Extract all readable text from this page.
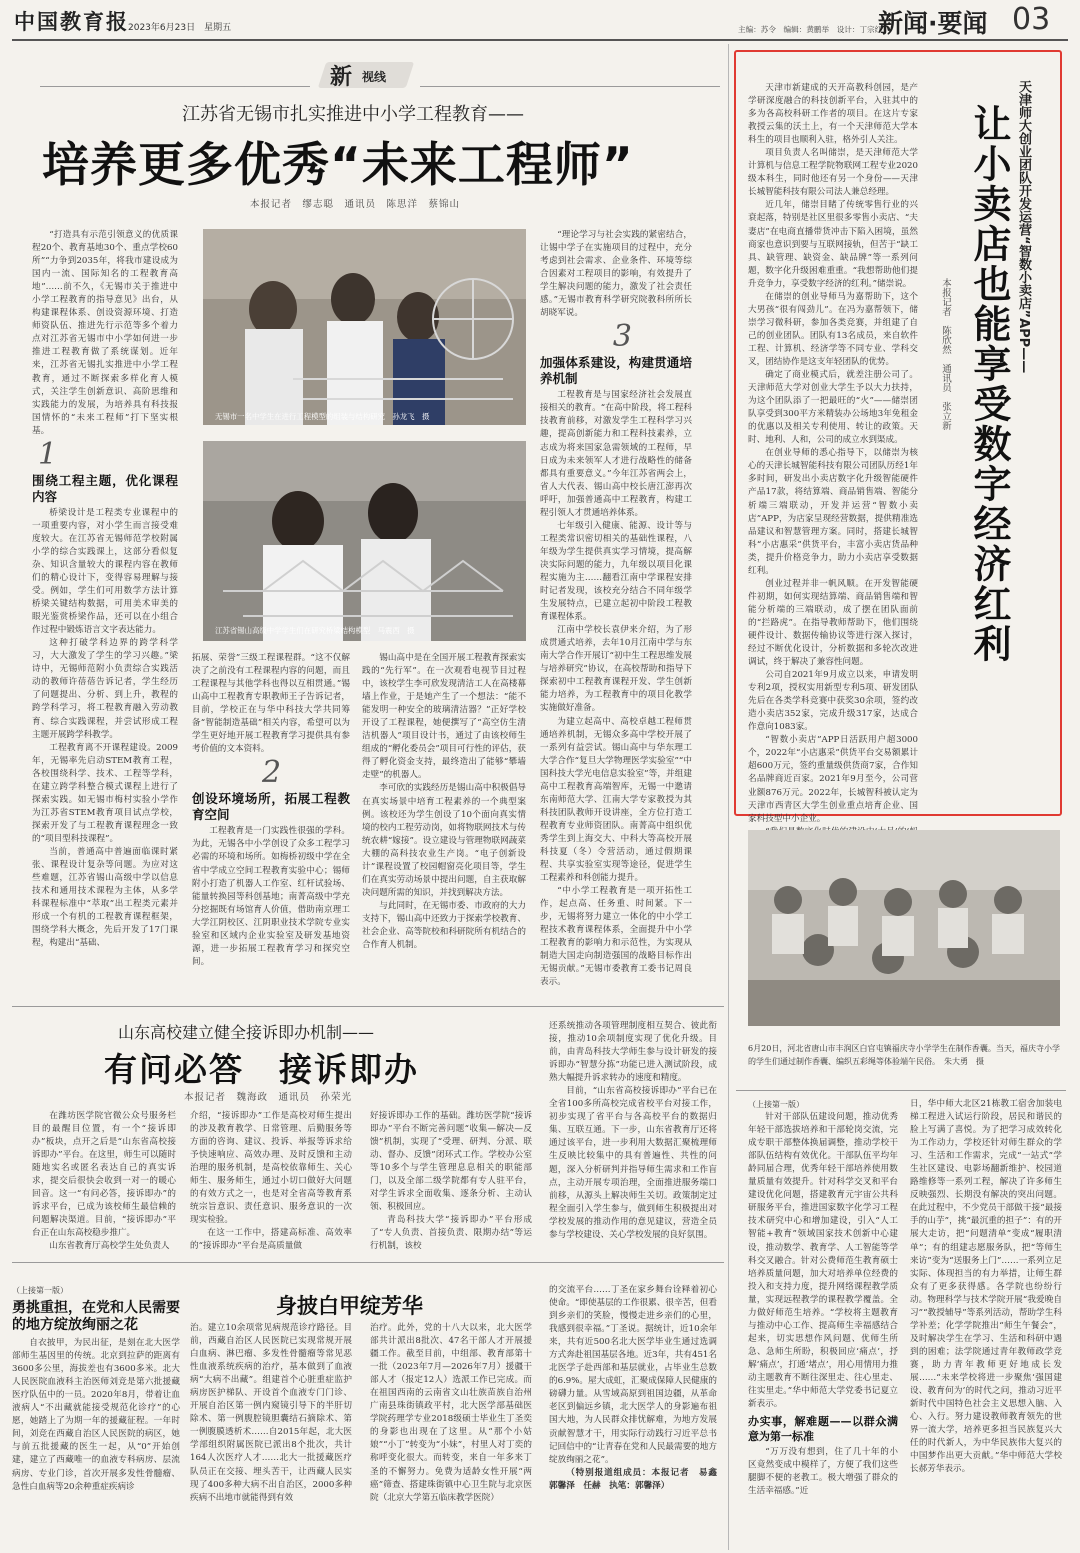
中国教育报 2023年6月23日　星期五	主编：苏令　编辑：黄鹏举　设计：丁宗红
新闻·要闻 03
新 视线
江苏省无锡市扎实推进中小学工程教育——
培养更多优秀“未来工程师”
本报记者　缪志聪　通讯员　陈思洋　蔡锦山

“打造具有示范引领意义的优质课程20个、教育基地30个、重点学校60所”“力争到2035年，将我市建设成为国内一流、国际知名的工程教育高地”……前不久，《无锡市关于推进中小学工程教育的指导意见》出台，从构建课程体系、创设资源环境、打造师资队伍、推进先行示范等多个着力点对江苏省无锡市中小学如何进一步推进工程教育做了系统谋划。近年来，江苏省无锡扎实推进中小学工程教育，通过不断探索多样化育人模式，关注学生创新意识、高阶思维和实践能力的发展，为培养具有科技报国情怀的“未来工程师”打下坚实根基。

1
围绕工程主题，优化课程内容

桥梁设计是工程类专业课程中的一项重要内容，对小学生而言接受难度较大。在江苏省无锡师范学校附属小学的综合实践课上，这部分看似复杂、知识含量较大的课程内容在教师们的精心设计下，变得容易理解与接受。例如，学生们可用数学方法计算桥梁关键结构数据，可用美术审美的眼光鉴赏桥梁作品，还可以在小组合作过程中锻炼语言文字表达能力。

这种打破学科边界的跨学科学习，大大激发了学生的学习兴趣。”梁诗中，无锡师范附小负责综合实践活动的教师许蓓蓓告诉记者，学生经历了问题提出、分析、到上升，教程的跨学科学习，将工程教育融入劳动教育、综合实践课程，并尝试形成工程主题开展跨学科教学。

工程教育离不开课程建设。2009年，无锡率先启动STEM教育工程，各校围绕科学、技术、工程等学科，在建立跨学科整合模式课程上进行了探索实践。如无锡市梅村实验小学作为江苏省STEM教育项目试点学校，探索开发了与工程教育课程理念一致的“项目型科技课程”。

当前，普通高中普遍面临课时紧张、课程设计复杂等问题。为应对这些难题，江苏省锡山高级中学以信息技术和通用技术课程为主体，从多学科课程标准中“萃取”出工程类元素并形成一个有机的工程教育课程框架，围绕学科大概念，先后开发了17门课程，构建出“基础、

无锡市一名中学生在进行工程模型的组装与结构研究　孙龙飞　摄
江苏省锡山高级中学学生们在研究桥梁结构模型　马震西　摄

“理论学习与社会实践的紧密结合，让锡中学子在实施项目的过程中，充分考虑到社会需求、企业条件、环境等综合因素对工程项目的影响，有效提升了学生解决问题的能力，激发了社会责任感。”无锡市教育科学研究院教科所所长胡晓军说。

3
加强体系建设，构建贯通培养机制

工程教育是与国家经济社会发展直接相关的教育。“在高中阶段，将工程科技教育前移，对激发学生工程科学习兴趣，提高创新能力和工程科技素养，立志成为将来国家急需领域的工程师，早日成为未来领军人才进行战略性的储备都具有重要意义。”今年江苏省两会上，省人大代表、锡山高中校长唐江澎再次呼吁，加强普通高中工程教育，构建工程引领人才贯通培养体系。

七年级引入健康、能源、设计等与工程类常识密切相关的基础性课程，八年级为学生提供真实学习情境，提高解决实际问题的能力，九年级以项目化课程实施为主……翻看江南中学课程安排时记者发现，该校充分结合不同年级学生发展特点，已建立起初中阶段工程教育课程体系。

江南中学校长袁伊来介绍，为了形成贯通式培养，去年10月江南中学与东南大学合作开展订“初中生工程思维发展与培养研究”协议，在高校帮助和指导下探索初中工程教育课程开发、学生创新能力培养，为工程教育中的项目化教学实施做好准备。

为建立起高中、高校卓越工程师贯通培养机制，无锡众多高中学校开展了一系列有益尝试。锡山高中与华东理工大学合作“复旦大学物理医学实验室”“中国科技大学光电信息实验室”等，并组建高中工程教育高端智库，无锡一中邀请东南师范大学、江南大学专家教授为其科技团队教师开设讲座，全方位打造工程教育专业师资团队。南菁高中组织优秀学生到上海交大、中科大等高校开展科技夏（冬）令营活动，通过假期课程、共享实验室实现等途径，促进学生工程素养和科创能力提升。

“中小学工程教育是一项开拓性工作，起点高、任务重、时间紧。下一步，无锡将努力建立一体化的中小学工程技术教育课程体系，全面提升中小学工程教育的影响力和示范性，为实现从制造大国走向制造强国的战略目标作出无锡贡献。”无锡市委教育工委书记周良表示。

拓展、荣誉”三级工程课程群。“这不仅解决了之前没有工程课程内容的问题，而且工程课程与其他学科也得以互相贯通。”锡山高中工程教育专职教师王子告诉记者，目前，学校正在与华中科技大学共同筹备“智能制造基础”相关内容，希望可以为学生更好地开展工程教育学习提供具有参考价值的文本资料。

2
创设环境场所，拓展工程教育空间

工程教育是一门实践性很强的学科。为此，无锡各中小学创设了众多工程学习必需的环境和场所。如梅桥初级中学在全省中学成立空间工程教育实验中心；锡师附小打造了机器人工作室、红杆试验场、能量转换园等科创基地；南菁高级中学充分挖掘既有场馆育人价值，借助南京理工大学江阴校区、江阴职业技术学院专业实验室和区域内企业实验室及研发基地资源，进一步拓展工程教育学习和探究空间。

锡山高中是在全国开展工程教育探索实践的“先行军”。在一次观看电视节目过程中，该校学生李可欣发现清洁工人在高楼幕墙上作业，于是她产生了一个想法：“能不能发明一种安全的玻璃清洁器？”正好学校开设了工程课程，她便撰写了“高空仿生清洁机器人”项目设计书，通过了由该校师生组成的“孵化委员会”项目可行性的评估，获得了孵化资金支持，最终造出了能够“攀墙走壁”的机器人。

李可欣的实践经历是锡山高中积极倡导在真实场景中培育工程素养的一个典型案例。该校还为学生创设了10个面向真实情境的校内工程劳动岗，如将物联网技术与传统农耕“嫁接”。设立建设与管理物联网蔬菜大棚的高科技农业生产岗。“电子创新设计”课程设置了校园帽窗亮化项目等，学生们在真实劳动场景中提出问题，自主获取解决问题所需的知识，并找到解决方法。

与此同时，在无锡市委、市政府的大力支持下，锡山高中还致力于探索学校教育、社会企业、高等院校和科研院所有机结合的合作育人机制。

天津市新建成的天开高教科创园，是产学研深度融合的科技创新平台，入驻其中的多为各高校科研工作者的项目。在这片专家教授云集的沃土上，有一个天津师范大学本科生的项目也顺利入驻，格外引人关注。

项目负责人名叫储崇，是天津师范大学计算机与信息工程学院物联网工程专业2020级本科生，同时他还有另一个身份——天津长城智能科技有限公司法人兼总经理。

近几年，储崇目睹了传统零售行业的兴衰起落，特别是社区里很多零售小卖店、“夫妻店”在电商直播带货冲击下陷入困境，虽然商家也意识到要与互联网接轨，但苦于“缺工具、缺管理、缺资金、缺品牌”等一系列问题，数字化升级困难重重。“我想帮助他们提升竞争力，享受数字经济的红利。”储崇说。

在储崇的创业导师马为嘉帮助下，这个大男孩“很有闯劲儿”。在冯为嘉帮领下，储崇学习微科研，参加各类竞赛，并组建了自己的创业团队。团队有13名成员，来自软件工程、计算机、经济学等不同专业、学科交叉，团结协作是这支年轻团队的优势。

确定了商业模式后，就差注册公司了。天津师范大学对创业大学生予以大力扶持，为这个团队添了一把最旺的“火”——储崇团队享受到300平方米精装办公场地3年免租金的优惠以及相关专利使用、转让的政策。天时、地利、人和，公司的成立水到渠成。

在创业导师的悉心指导下，以储崇为核心的天津长城智能科技有限公司团队历经1年多时间，研发出小卖店数字化升级智能硬件产品17款，将结算端、商品销售端、智能分析端三端联动，开发并运营“智数小卖店”APP，为店家呈现经营数据，提供精准选品建议和智慧管理方案。同时，搭建长城智科“小店惠采”供货平台，丰富小卖店货品种类，提升价格竞争力，助力小卖店享受数据红利。

创业过程并非一帆风顺。在开发智能硬件初期，如何实现结算端、商品销售端和智能分析端的三端联动，成了摆在团队面前的“拦路虎”。在指导教师帮助下，他们围绕硬件设计、数据传输协议等进行深入探讨，经过不断优化设计，分析数据和多轮次改进调试，终于解决了兼容性问题。

公司自2021年9月成立以来，申请发明专利2项，授权实用新型专利5项、研发团队先后在各类学科竞赛中获奖30余项，签约改造小卖店352家，完成升级317家，达成合作意向1083家。

“智数小卖店”APP日活跃用户超3000个，2022年“小店惠采”供货平台交易额累计超600万元，签约重量级供货商7家，合作知名品牌商近百家。2021年9月至今，公司营业额876万元。2022年，长城智科被认定为天津市西青区大学生创业重点培育企业、国家科技型中小企业。

天津师大创业团队开发运营“智数小卖店”APP——
让小卖店也能享受数字经济红利
本报记者　陈欣然　通讯员　张立新
6月20日，河北省唐山市丰润区白官屯镇福庆寺小学学生在制作香囊。当天，福庆寺小学的学生们通过制作香囊、编织五彩绳等体验端午民俗。　朱大勇　摄
山东高校建立健全接诉即办机制——
有问必答　接诉即办
本报记者　魏海政　通讯员　孙荣光

在潍坊医学院官微公众号服务栏目的最醒目位置，有一个“接诉即办”板块，点开之后是“山东省高校接诉即办”平台。在这里，师生可以随时随地实名或匿名表达自己的真实诉求，提交后很快会收到一对一的暖心回音。这一“有问必答，接诉即办”的诉求平台，已成为该校师生最信赖的问题解决渠道。目前，“接诉即办”平台正在山东高校稳步推广。

山东省教育厅高校学生处负责人

介绍，“接诉即办”工作是高校对师生提出的涉及教育教学、日常管理、后勤服务等方面的咨询、建议、投诉、举报等诉求给予快速响应、高效办理、及时反馈和主动治理的服务机制，是高校依靠师生、关心师生、服务师生，通过小切口做好大问题的有效方式之一，也是对全省高等教育系统宗旨意识、责任意识、服务意识的一次现实检验。

在这一工作中，搭建高标准、高效率的“接诉即办”平台是高质量做

好接诉即办工作的基础。潍坊医学院“接诉即办”平台不断完善问题“收集—解决—反馈”机制，实现了“受理、研判、分派、联动、督办、反馈”闭环式工作。学校办公室等10多个与学生管理息息相关的职能部门，以及全部二级学院都有专人驻平台，对学生诉求全面收集、逐条分析、主动认领、积极回应。

青岛科技大学“接诉即办”平台形成了“专人负责、首接负责、限期办结”等运行机制，该校

还系统推动各项管理制度相互契合、彼此衔接，推动10余项制度实现了优化升级。目前，由青岛科技大学师生参与设计研发的接诉即办“智慧分拣”功能已进入测试阶段，成熟大幅提升诉求转办的速度和精度。

目前，“山东省高校接诉即办”平台已在全省100多所高校完成省校平台对接工作，初步实现了省平台与各高校平台的数据归集、互联互通。下一步，山东省教育厅还将通过该平台，进一步利用大数据汇聚梳理师生反映比较集中的具有普遍性、共性的问题，深入分析研判并指导师生需求和工作盲点，主动开展专项治理，全面推进服务端口前移，从源头上解决师生关切。政策制定过程全面引入学生参与，做到师生积极提出对学校发展的推动作用的意见建议，营造全员参与学校建设、关心学校发展的良好氛围。

（上接第一版）
勇挑重担，在党和人民需要的地方绽放绚丽之花

自衣披甲，为民出征，是刻在北大医学部师生基因里的传统。北京到拉萨的距离有3600多公里，海拔差也有3600多米。北大人民医院血液科主治医师刘竞是第六批援藏医疗队伍中的一员。2020年8月，带着让血液病人“不出藏就能接受规范化诊疗”的心愿，她踏上了为期一年的援藏征程。一年时间，刘竞在西藏自治区人民医院的病区，她与前五批援藏的医生一起，从“0”开始创建，建立了西藏唯一的血液专科病房、层流病房、专业门诊，首次开展多发性骨髓瘤、急性白血病等20余种重症疾病诊

身披白甲绽芳华

治。建立10余项常见病规范诊疗路径。目前，西藏自治区人民医院已实现常规开展白血病、淋巴瘤、多发性骨髓瘤等常见恶性血液系统疾病的治疗，基本做到了血液病“大病不出藏”。组建首个心脏重症监护病房医护梯队、开设首个血液专门门诊、开展自治区第一例内窥镜引导下的半肝切除术、第一例腹腔镜胆囊结石摘除术、第一例腹膜透析术……自2015年起，北大医学部组织附属医院已派出8个批次，共计164人次医疗人才……北大一批援藏医疗队员正在交接、埋头苦干，让西藏人民实现了400多种大病不出自治区，2000多种疾病不出地市就能得到有效

治疗。此外，党的十八大以来，北大医学部共计派出8批次、47名干部人才开展援疆工作。截至目前，中组部、教育部第十一批（2023年7月—2026年7月）援疆干部人才（报定12人）选派工作已完成。而在祖国西南的云南省文山壮族苗族自治州广南县珠街镇政平村，北大医学部基础医学院药理学专业2018级硕士毕业生丁圣奕的身影也出现在了这里。从“那个小姑娘”“小丁”转变为“小妹”，村里人对丁奕的称呼变化很大。而转变，来自一年多来丁圣的不懈努力。免费为适龄女性开展“两癌”筛查、搭建珠街镇中心卫生院与北京医院（北京大学第五临床教学医院）

的交流平台……丁圣在家乡舞台诠释着初心使命。“即使基层的工作很累、很辛苦，但看到乡亲们的笑脸，慢慢走进乡亲们的心里，我感到很幸福。”丁圣说。据统计，近10余年来，共有近500名北大医学毕业生通过选调方式奔赴祖国基层各地。近3年，共有451名北医学子赴西部和基层就业，占毕业生总数的6.9%。屋大成虹，汇聚成保障人民健康的磅礴力量。从雪域高原到祖国边疆，从革命老区到偏远乡镇，北大医学人的身影遍布祖国大地，为人民群众排忧解难，为地方发展贡献智慧才干，用实际行动践行习近平总书记回信中的“让青春在党和人民最需要的地方绽放绚丽之花”。

（特别报道组成员：本报记者　易鑫　郭馨泽　任赫　执笔：郭馨泽）

（上接第一版）

针对干部队伍建设问题，推动优秀年轻干部选拔培养和干部轮岗交流，完成专职干部整体换届调整，推动学校干部队伍结构有效优化。干部队伍平均年龄同届合理，优秀年轻干部培养使用数量质量有效提升。针对科学交叉和平台建设优化问题，搭建教育元宇宙公共科研服务平台，推进国家数字化学习工程技术研究中心和增加建设，引入“人工智能+教育”领域国家技术创新中心建设，推动数学、教育学、人工智能等学科交叉融合。针对公费师范生教育硕士培养质量问题，加大对培养单位经费的投入和支持力度，提升网络课程教学质量，实现远程教学的课程教学覆盖。全力做好师范生培养。“学校将主题教育与推动中心工作、提高师生幸福感结合起来，切实思想作风问题、优师生所急、急师生所盼，积极回应‘痛点’，抒解‘痛点’，打通‘堵点’，用心用情用力推动主题教育不断往深里走、往心里走、往实里走。”华中师范大学党委书记夏立新表示。

办实事，解难题——以群众满意为第一标准

“万万没有想到，住了几十年的小区竟然变成中模样了，方便了我们这些腿脚不便的老教工。极大增强了群众的生活幸福感。”近

日，华中师大北区21栋教工宿舍加装电梯工程进入试运行阶段，居民和谐民的脸上写满了喜悦。为了把学习成效转化为工作动力，学校还针对师生群众的学习、生活和工作需求，完成“一站式”学生社区建设、电影场翻新维护、校园道路维修等一系列工程，解决了许多师生反映强烈、长期没有解决的突出问题。在此过程中，不少党员干部做干接“最接手的山芋”，挑“最沉重的担子”：有的开展大走访，把“问题清单”变成“履职清单”；有的组建志愿服务队，把“等师生来访”变为“送服务上门”……一系列立足实际、体现担当的有力举措，让师生群众有了更多获得感。各学院也纷纷行动。物理科学与技术学院开展“我爱晚自习”“教授辅导”等系列活动，帮助学生科学补差；化学学院推出“师生午餐会”，及时解决学生在学习、生活和科研中遇到的困难；法学院通过青年教师政学竞赛，助力青年教师更好地成长发展……“未来学校将进一步聚焦‘强国建设、教育何为’的时代之问，推动习近平新时代中国特色社会主义思想入脑、入心、入行。努力建设教师教育领先的世界一流大学，培养更多担当民族复兴大任的时代新人，为中华民族伟大复兴的中国梦作出更大贡献。”华中师范大学校长郝芳华表示。
